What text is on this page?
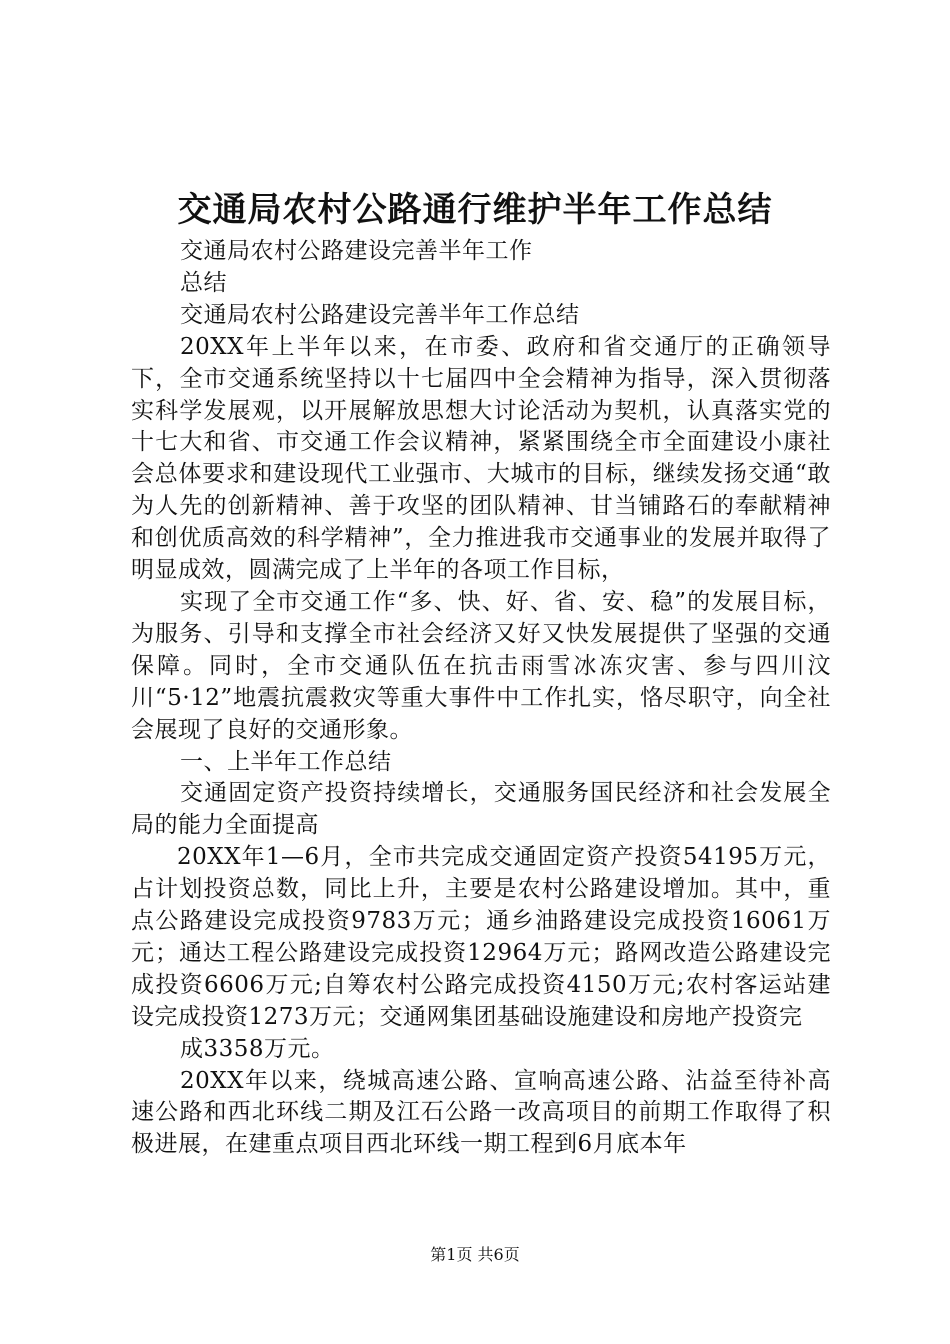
交通局农村公路通行维护半年工作总结

交通局农村公路建设完善半年工作

总结

交通局农村公路建设完善半年工作总结

20XX年上半年以来，在市委、政府和省交通厅的正确领导下，全市交通系统坚持以十七届四中全会精神为指导，深入贯彻落实科学发展观，以开展解放思想大讨论活动为契机，认真落实党的十七大和省、市交通工作会议精神，紧紧围绕全市全面建设小康社会总体要求和建设现代工业强市、大城市的目标，继续发扬交通“敢为人先的创新精神、善于攻坚的团队精神、甘当铺路石的奉献精神和创优质高效的科学精神”，全力推进我市交通事业的发展并取得了明显成效，圆满完成了上半年的各项工作目标，

实现了全市交通工作“多、快、好、省、安、稳”的发展目标，为服务、引导和支撑全市社会经济又好又快发展提供了坚强的交通保障。同时，全市交通队伍在抗击雨雪冰冻灾害、参与四川汶川“5·12”地震抗震救灾等重大事件中工作扎实，恪尽职守，向全社会展现了良好的交通形象。

一、上半年工作总结

交通固定资产投资持续增长，交通服务国民经济和社会发展全局的能力全面提高

20XX年1—6月，全市共完成交通固定资产投资54195万元，占计划投资总数，同比上升，主要是农村公路建设增加。其中，重点公路建设完成投资9783万元；通乡油路建设完成投资16061万元；通达工程公路建设完成投资12964万元；路网改造公路建设完成投资6606万元;自筹农村公路完成投资4150万元;农村客运站建设完成投资1273万元；交通网集团基础设施建设和房地产投资完

成3358万元。

20XX年以来，绕城高速公路、宣响高速公路、沾益至待补高速公路和西北环线二期及江石公路一改高项目的前期工作取得了积极进展，在建重点项目西北环线一期工程到6月底本年

第1页 共6页
